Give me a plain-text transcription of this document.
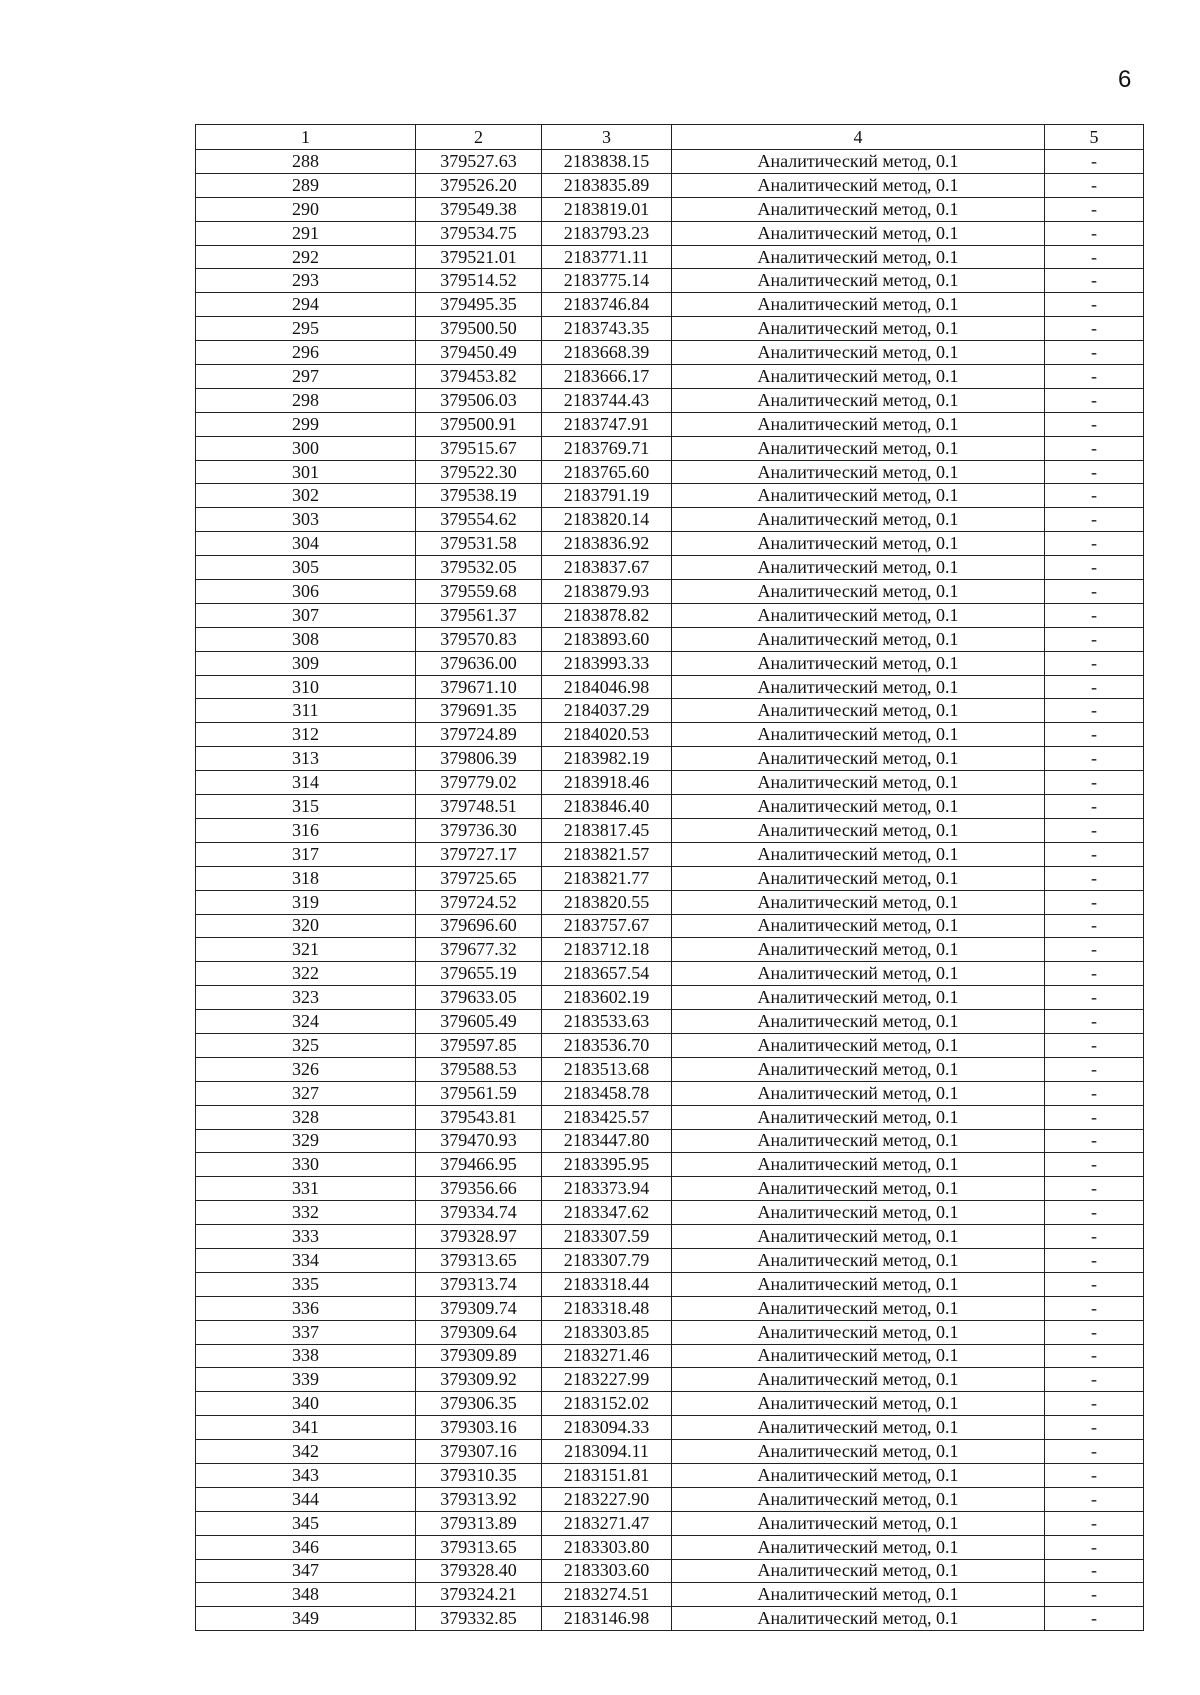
6
1	2	3	4	5
288	379527.63	2183838.15	Аналитический метод, 0.1	-
289	379526.20	2183835.89	Аналитический метод, 0.1	-
290	379549.38	2183819.01	Аналитический метод, 0.1	-
291	379534.75	2183793.23	Аналитический метод, 0.1	-
292	379521.01	2183771.11	Аналитический метод, 0.1	-
293	379514.52	2183775.14	Аналитический метод, 0.1	-
294	379495.35	2183746.84	Аналитический метод, 0.1	-
295	379500.50	2183743.35	Аналитический метод, 0.1	-
296	379450.49	2183668.39	Аналитический метод, 0.1	-
297	379453.82	2183666.17	Аналитический метод, 0.1	-
298	379506.03	2183744.43	Аналитический метод, 0.1	-
299	379500.91	2183747.91	Аналитический метод, 0.1	-
300	379515.67	2183769.71	Аналитический метод, 0.1	-
301	379522.30	2183765.60	Аналитический метод, 0.1	-
302	379538.19	2183791.19	Аналитический метод, 0.1	-
303	379554.62	2183820.14	Аналитический метод, 0.1	-
304	379531.58	2183836.92	Аналитический метод, 0.1	-
305	379532.05	2183837.67	Аналитический метод, 0.1	-
306	379559.68	2183879.93	Аналитический метод, 0.1	-
307	379561.37	2183878.82	Аналитический метод, 0.1	-
308	379570.83	2183893.60	Аналитический метод, 0.1	-
309	379636.00	2183993.33	Аналитический метод, 0.1	-
310	379671.10	2184046.98	Аналитический метод, 0.1	-
311	379691.35	2184037.29	Аналитический метод, 0.1	-
312	379724.89	2184020.53	Аналитический метод, 0.1	-
313	379806.39	2183982.19	Аналитический метод, 0.1	-
314	379779.02	2183918.46	Аналитический метод, 0.1	-
315	379748.51	2183846.40	Аналитический метод, 0.1	-
316	379736.30	2183817.45	Аналитический метод, 0.1	-
317	379727.17	2183821.57	Аналитический метод, 0.1	-
318	379725.65	2183821.77	Аналитический метод, 0.1	-
319	379724.52	2183820.55	Аналитический метод, 0.1	-
320	379696.60	2183757.67	Аналитический метод, 0.1	-
321	379677.32	2183712.18	Аналитический метод, 0.1	-
322	379655.19	2183657.54	Аналитический метод, 0.1	-
323	379633.05	2183602.19	Аналитический метод, 0.1	-
324	379605.49	2183533.63	Аналитический метод, 0.1	-
325	379597.85	2183536.70	Аналитический метод, 0.1	-
326	379588.53	2183513.68	Аналитический метод, 0.1	-
327	379561.59	2183458.78	Аналитический метод, 0.1	-
328	379543.81	2183425.57	Аналитический метод, 0.1	-
329	379470.93	2183447.80	Аналитический метод, 0.1	-
330	379466.95	2183395.95	Аналитический метод, 0.1	-
331	379356.66	2183373.94	Аналитический метод, 0.1	-
332	379334.74	2183347.62	Аналитический метод, 0.1	-
333	379328.97	2183307.59	Аналитический метод, 0.1	-
334	379313.65	2183307.79	Аналитический метод, 0.1	-
335	379313.74	2183318.44	Аналитический метод, 0.1	-
336	379309.74	2183318.48	Аналитический метод, 0.1	-
337	379309.64	2183303.85	Аналитический метод, 0.1	-
338	379309.89	2183271.46	Аналитический метод, 0.1	-
339	379309.92	2183227.99	Аналитический метод, 0.1	-
340	379306.35	2183152.02	Аналитический метод, 0.1	-
341	379303.16	2183094.33	Аналитический метод, 0.1	-
342	379307.16	2183094.11	Аналитический метод, 0.1	-
343	379310.35	2183151.81	Аналитический метод, 0.1	-
344	379313.92	2183227.90	Аналитический метод, 0.1	-
345	379313.89	2183271.47	Аналитический метод, 0.1	-
346	379313.65	2183303.80	Аналитический метод, 0.1	-
347	379328.40	2183303.60	Аналитический метод, 0.1	-
348	379324.21	2183274.51	Аналитический метод, 0.1	-
349	379332.85	2183146.98	Аналитический метод, 0.1	-
